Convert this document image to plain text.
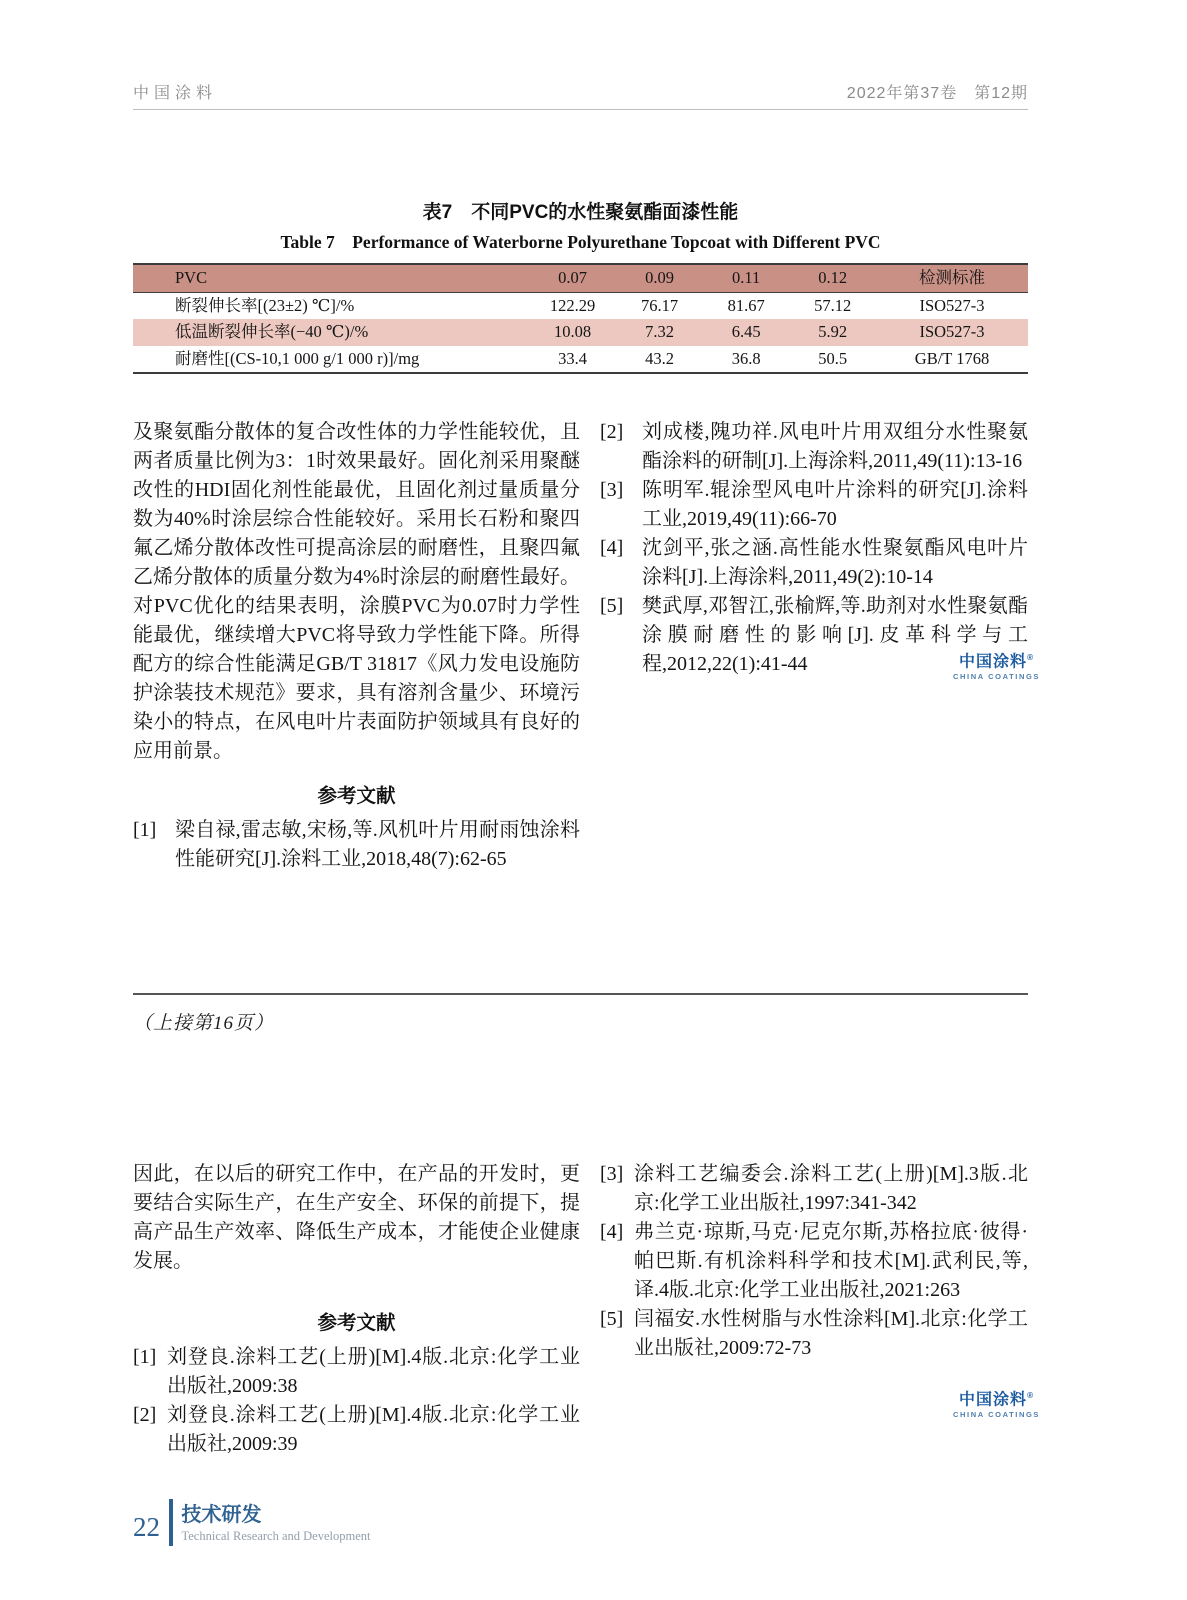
中国涂料	2022年第37卷　第12期
表7　不同PVC的水性聚氨酯面漆性能
Table 7　Performance of Waterborne Polyurethane Topcoat with Different PVC
PVC	0.07	0.09	0.11	0.12	检测标准
断裂伸长率[(23±2) ℃]/%	122.29	76.17	81.67	57.12	ISO527-3
低温断裂伸长率(−40 ℃)/%	10.08	7.32	6.45	5.92	ISO527-3
耐磨性[(CS-10,1 000 g/1 000 r)]/mg	33.4	43.2	36.8	50.5	GB/T 1768

及聚氨酯分散体的复合改性体的力学性能较优，且两者质量比例为3：1时效果最好。固化剂采用聚醚改性的HDI固化剂性能最优，且固化剂过量质量分数为40%时涂层综合性能较好。采用长石粉和聚四氟乙烯分散体改性可提高涂层的耐磨性，且聚四氟乙烯分散体的质量分数为4%时涂层的耐磨性最好。对PVC优化的结果表明，涂膜PVC为0.07时力学性能最优，继续增大PVC将导致力学性能下降。所得配方的综合性能满足GB/T 31817《风力发电设施防护涂装技术规范》要求，具有溶剂含量少、环境污染小的特点，在风电叶片表面防护领域具有良好的应用前景。

参考文献
[1] 梁自禄,雷志敏,宋杨,等.风机叶片用耐雨蚀涂料性能研究[J].涂料工业,2018,48(7):62-65
[2] 刘成楼,隗功祥.风电叶片用双组分水性聚氨酯涂料的研制[J].上海涂料,2011,49(11):13-16
[3] 陈明军.辊涂型风电叶片涂料的研究[J].涂料工业,2019,49(11):66-70
[4] 沈剑平,张之涵.高性能水性聚氨酯风电叶片涂料[J].上海涂料,2011,49(2):10-14
[5] 樊武厚,邓智江,张榆辉,等.助剂对水性聚氨酯涂膜耐磨性的影响[J].皮革科学与工程,2012,22(1):41-44	中国涂料®
CHINA COATINGS
（上接第16页）

因此，在以后的研究工作中，在产品的开发时，更要结合实际生产，在生产安全、环保的前提下，提高产品生产效率、降低生产成本，才能使企业健康发展。

参考文献
[1] 刘登良.涂料工艺(上册)[M].4版.北京:化学工业出版社,2009:38
[2] 刘登良.涂料工艺(上册)[M].4版.北京:化学工业出版社,2009:39
[3] 涂料工艺编委会.涂料工艺(上册)[M].3版.北京:化学工业出版社,1997:341-342
[4] 弗兰克·琼斯,马克·尼克尔斯,苏格拉底·彼得·帕巴斯.有机涂料科学和技术[M].武利民,等,译.4版.北京:化学工业出版社,2021:263
[5] 闫福安.水性树脂与水性涂料[M].北京:化学工业出版社,2009:72-73
中国涂料®
CHINA COATINGS
22 技术研发
Technical Research and Development
